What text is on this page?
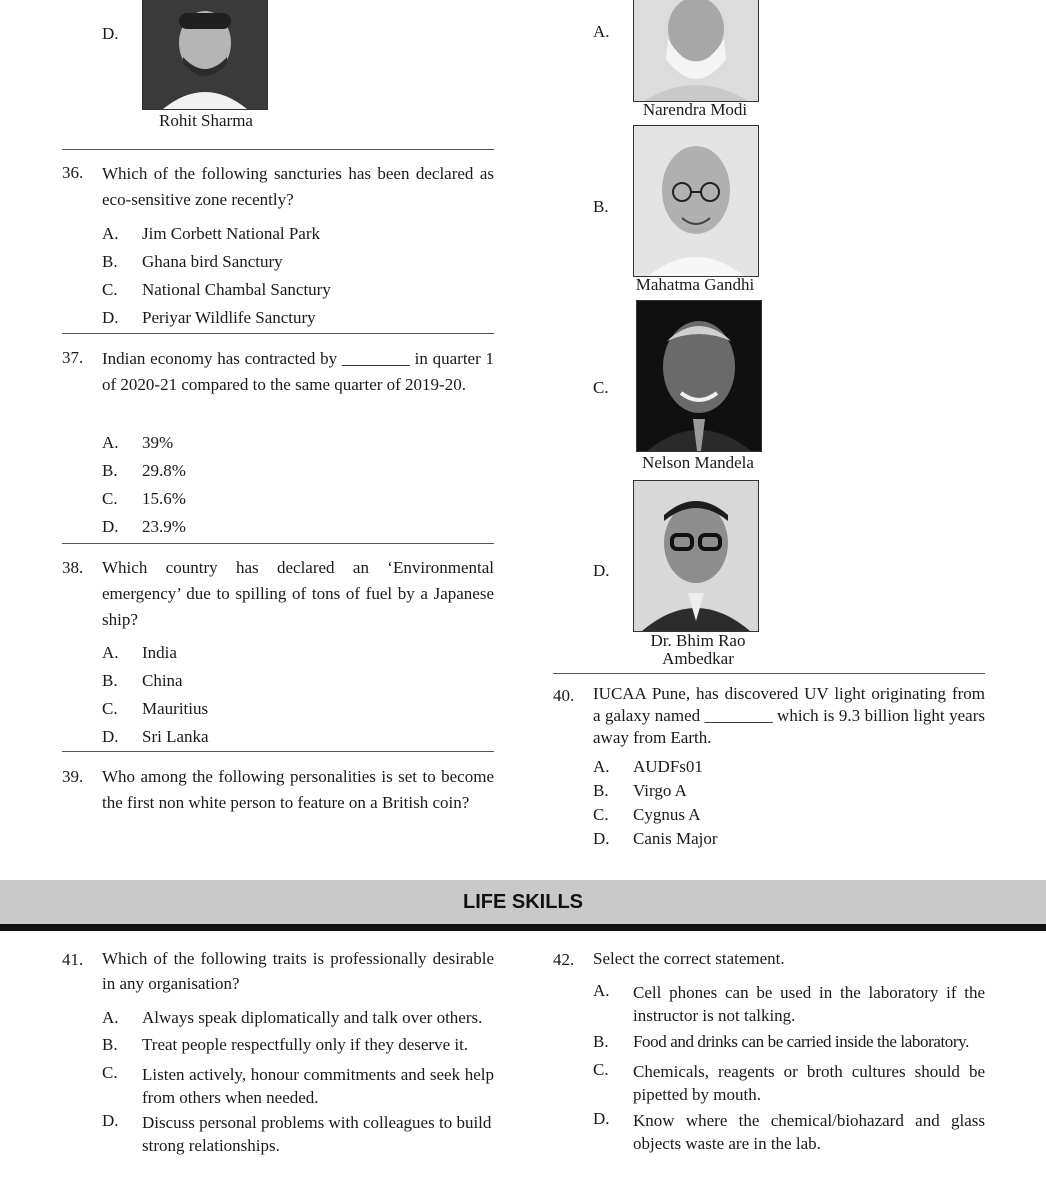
D.
Rohit Sharma
36.	Which of the following sancturies has been declared as eco-sensitive zone recently?
A. Jim Corbett National Park
B. Ghana bird Sanctury
C. National Chambal Sanctury
D. Periyar Wildlife Sanctury
37.	Indian economy has contracted by ________ in quarter 1 of 2020-21 compared to the same quarter of 2019-20.
A. 39%
B. 29.8%
C. 15.6%
D. 23.9%
38.	Which country has declared an ‘Environmental emergency’ due to spilling of tons of fuel by a Japanese ship?
A. India
B. China
C. Mauritius
D. Sri Lanka
39.	Who among the following personalities is set to become the first non white person to feature on a British coin?
A.
Narendra Modi
B.
Mahatma Gandhi
C.
Nelson Mandela
D.
Dr. Bhim Rao Ambedkar
40.	IUCAA Pune, has discovered UV light originating from a galaxy named ________ which is 9.3 billion light years away from Earth.
A. AUDFs01
B. Virgo A
C. Cygnus A
D. Canis Major
LIFE SKILLS
41.	Which of the following traits is professionally desirable in any organisation?
A. Always speak diplomatically and talk over others.
B. Treat people respectfully only if they deserve it.
C. Listen actively, honour commitments and seek help from others when needed.
D. Discuss personal problems with colleagues to build strong relationships.
42.	Select the correct statement.
A. Cell phones can be used in the laboratory if the instructor is not talking.
B. Food and drinks can be carried inside the laboratory.
C. Chemicals, reagents or broth cultures should be pipetted by mouth.
D. Know where the chemical/biohazard and glass objects waste are in the lab.
